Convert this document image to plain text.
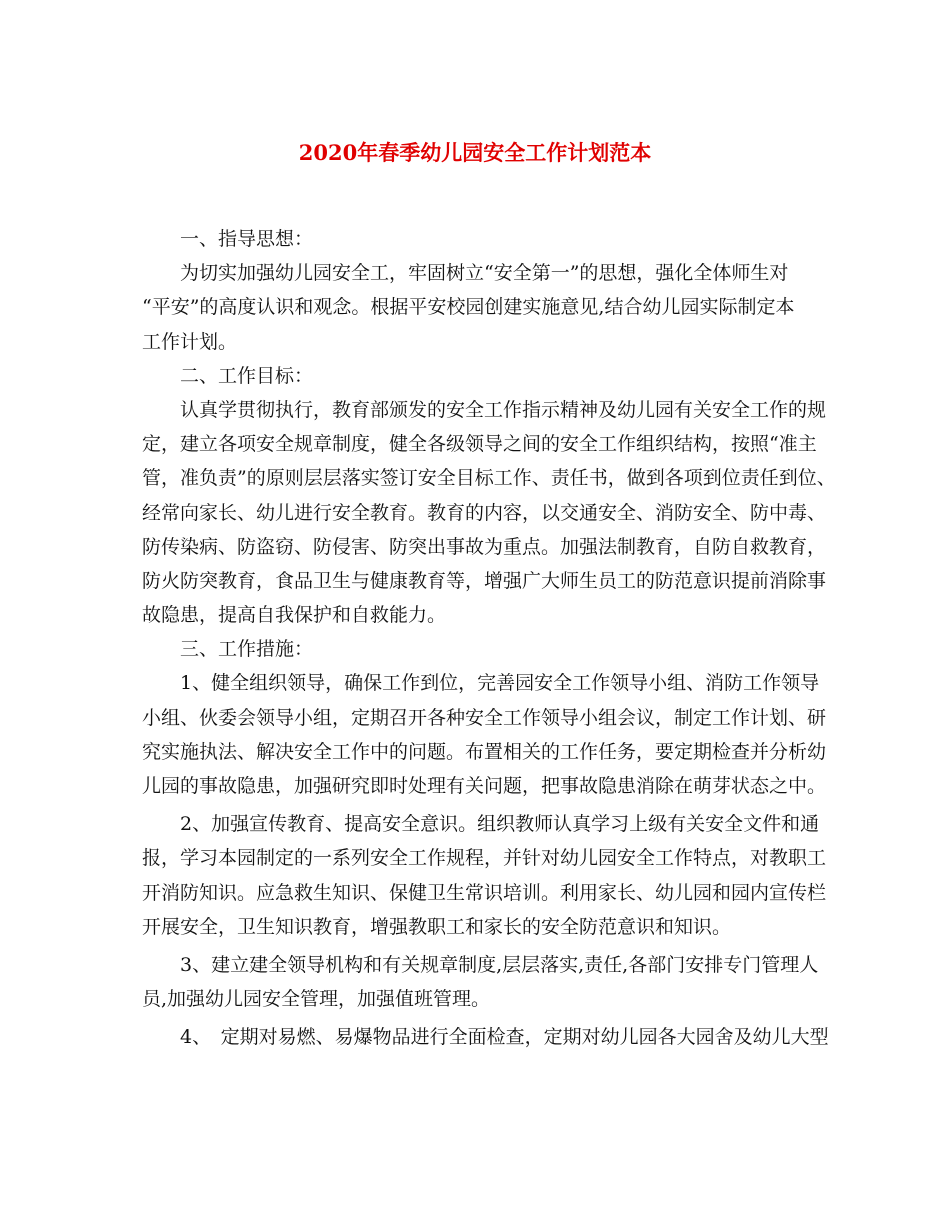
2020年春季幼儿园安全工作计划范本
　　一、指导思想：
　　为切实加强幼儿园安全工，牢固树立“安全第一”的思想，强化全体师生对
“平安”的高度认识和观念。根据平安校园创建实施意见,结合幼儿园实际制定本
工作计划。
　　二、工作目标：
　　认真学贯彻执行，教育部颁发的安全工作指示精神及幼儿园有关安全工作的规
定，建立各项安全规章制度，健全各级领导之间的安全工作组织结构，按照“准主
管，准负责”的原则层层落实签订安全目标工作、责任书，做到各项到位责任到位、
经常向家长、幼儿进行安全教育。教育的内容，以交通安全、消防安全、防中毒、
防传染病、防盗窃、防侵害、防突出事故为重点。加强法制教育，自防自救教育，
防火防突教育，食品卫生与健康教育等，增强广大师生员工的防范意识提前消除事
故隐患，提高自我保护和自救能力。
　　三、工作措施：
　　1、健全组织领导，确保工作到位，完善园安全工作领导小组、消防工作领导
小组、伙委会领导小组，定期召开各种安全工作领导小组会议，制定工作计划、研
究实施执法、解决安全工作中的问题。布置相关的工作任务，要定期检查并分析幼
儿园的事故隐患，加强研究即时处理有关问题，把事故隐患消除在萌芽状态之中。
　　2、加强宣传教育、提高安全意识。组织教师认真学习上级有关安全文件和通
报，学习本园制定的一系列安全工作规程，并针对幼儿园安全工作特点，对教职工
开消防知识。应急救生知识、保健卫生常识培训。利用家长、幼儿园和园内宣传栏
开展安全，卫生知识教育，增强教职工和家长的安全防范意识和知识。
　　3、建立建全领导机构和有关规章制度,层层落实,责任,各部门安排专门管理人
员,加强幼儿园安全管理，加强值班管理。
　　4、　定期对易燃、易爆物品进行全面检查，定期对幼儿园各大园舍及幼儿大型
